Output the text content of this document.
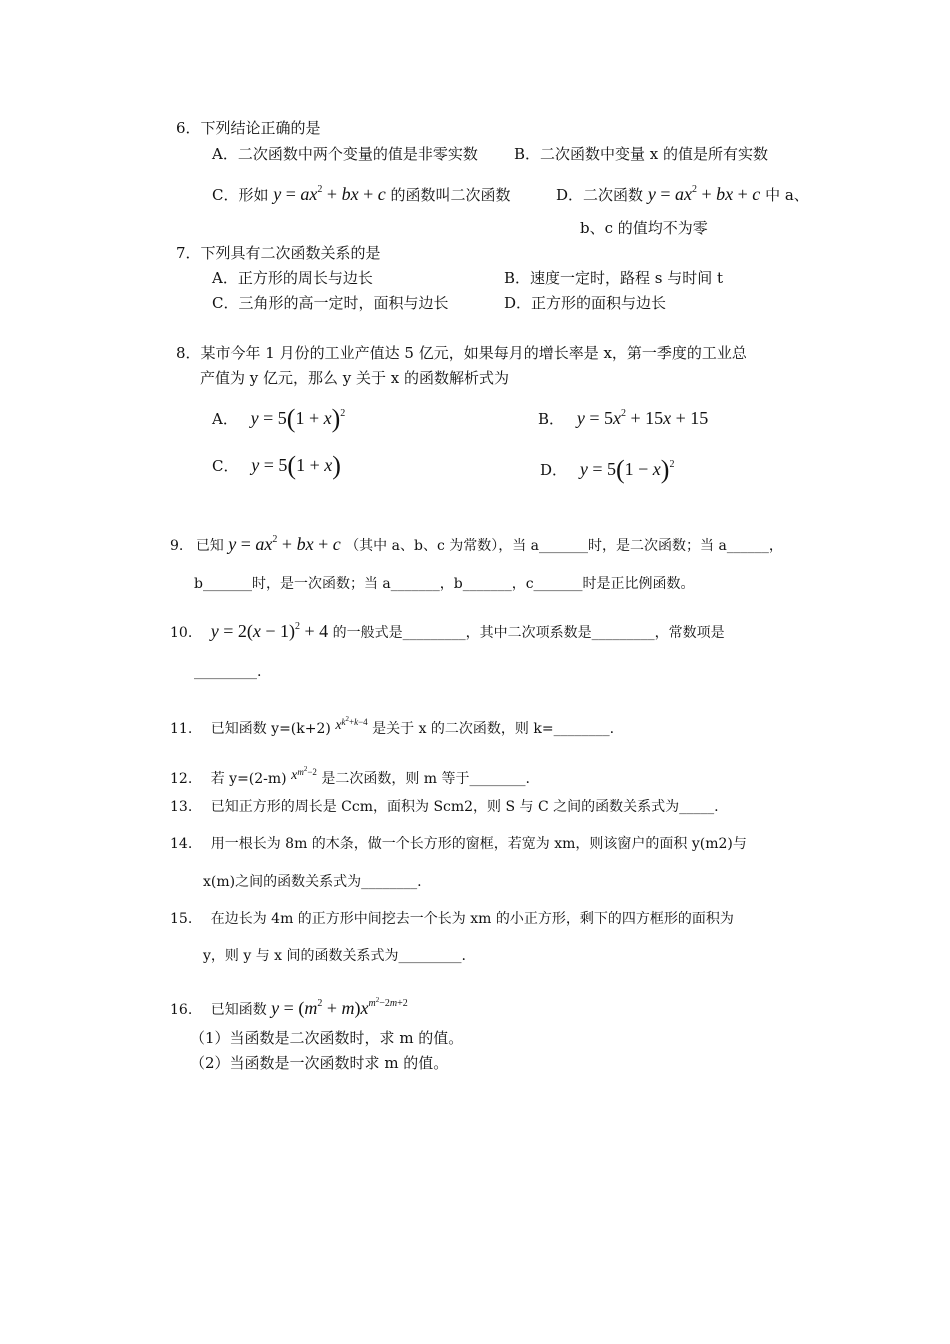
6．下列结论正确的是
A．二次函数中两个变量的值是非零实数 B．二次函数中变量 x 的值是所有实数
C．形如 $y = ax^2$ + bx + c 的函数叫二次函数	D．二次函数 $y = ax^2$ + bx + c 中 a、
b、c 的值均不为零
7．下列具有二次函数关系的是
A．正方形的周长与边长	B．速度一定时，路程 s 与时间 t
C．三角形的高一定时，面积与边长	D．正方形的面积与边长
8．某市今年 1 月份的工业产值达 5 亿元，如果每月的增长率是 x，第一季度的工业总
产值为 y 亿元，那么 y 关于 x 的函数解析式为
A． $y = 5(1 + x)^2$	B． $y = 5x^2 + 15x + 15$
C． y = 5(1 + x)	D． $y = 5(1 - x)^2$
9. 已知 $y = ax^2$ + bx + c （其中 a、b、c 为常数），当 a_______时，是二次函数；当 a______，
b_______时，是一次函数；当 a_______，b_______，c_______时是正比例函数。
10. $y = 2(x - 1)^2 + 4$ 的一般式是_________，其中二次项系数是_________，常数项是
_________.
11. 已知函数 y=(k+2) $x^{k2+k-4}$ 是关于 x 的二次函数，则 k=________.
12. 若 y=(2-m) $x^{m2-2}$ 是二次函数，则 m 等于________.
13. 已知正方形的周长是 Ccm，面积为 Scm2，则 S 与 C 之间的函数关系式为_____.
14. 用一根长为 8m 的木条，做一个长方形的窗框，若宽为 xm，则该窗户的面积 y(m2)与
x(m)之间的函数关系式为________.
15. 在边长为 4m 的正方形中间挖去一个长为 xm 的小正方形，剩下的四方框形的面积为
y，则 y 与 x 间的函数关系式为_________.
16. 已知函数 $y = (m^2 + m)x^{m2-2m+2}$
（1）当函数是二次函数时，求 m 的值。
（2）当函数是一次函数时求 m 的值。
